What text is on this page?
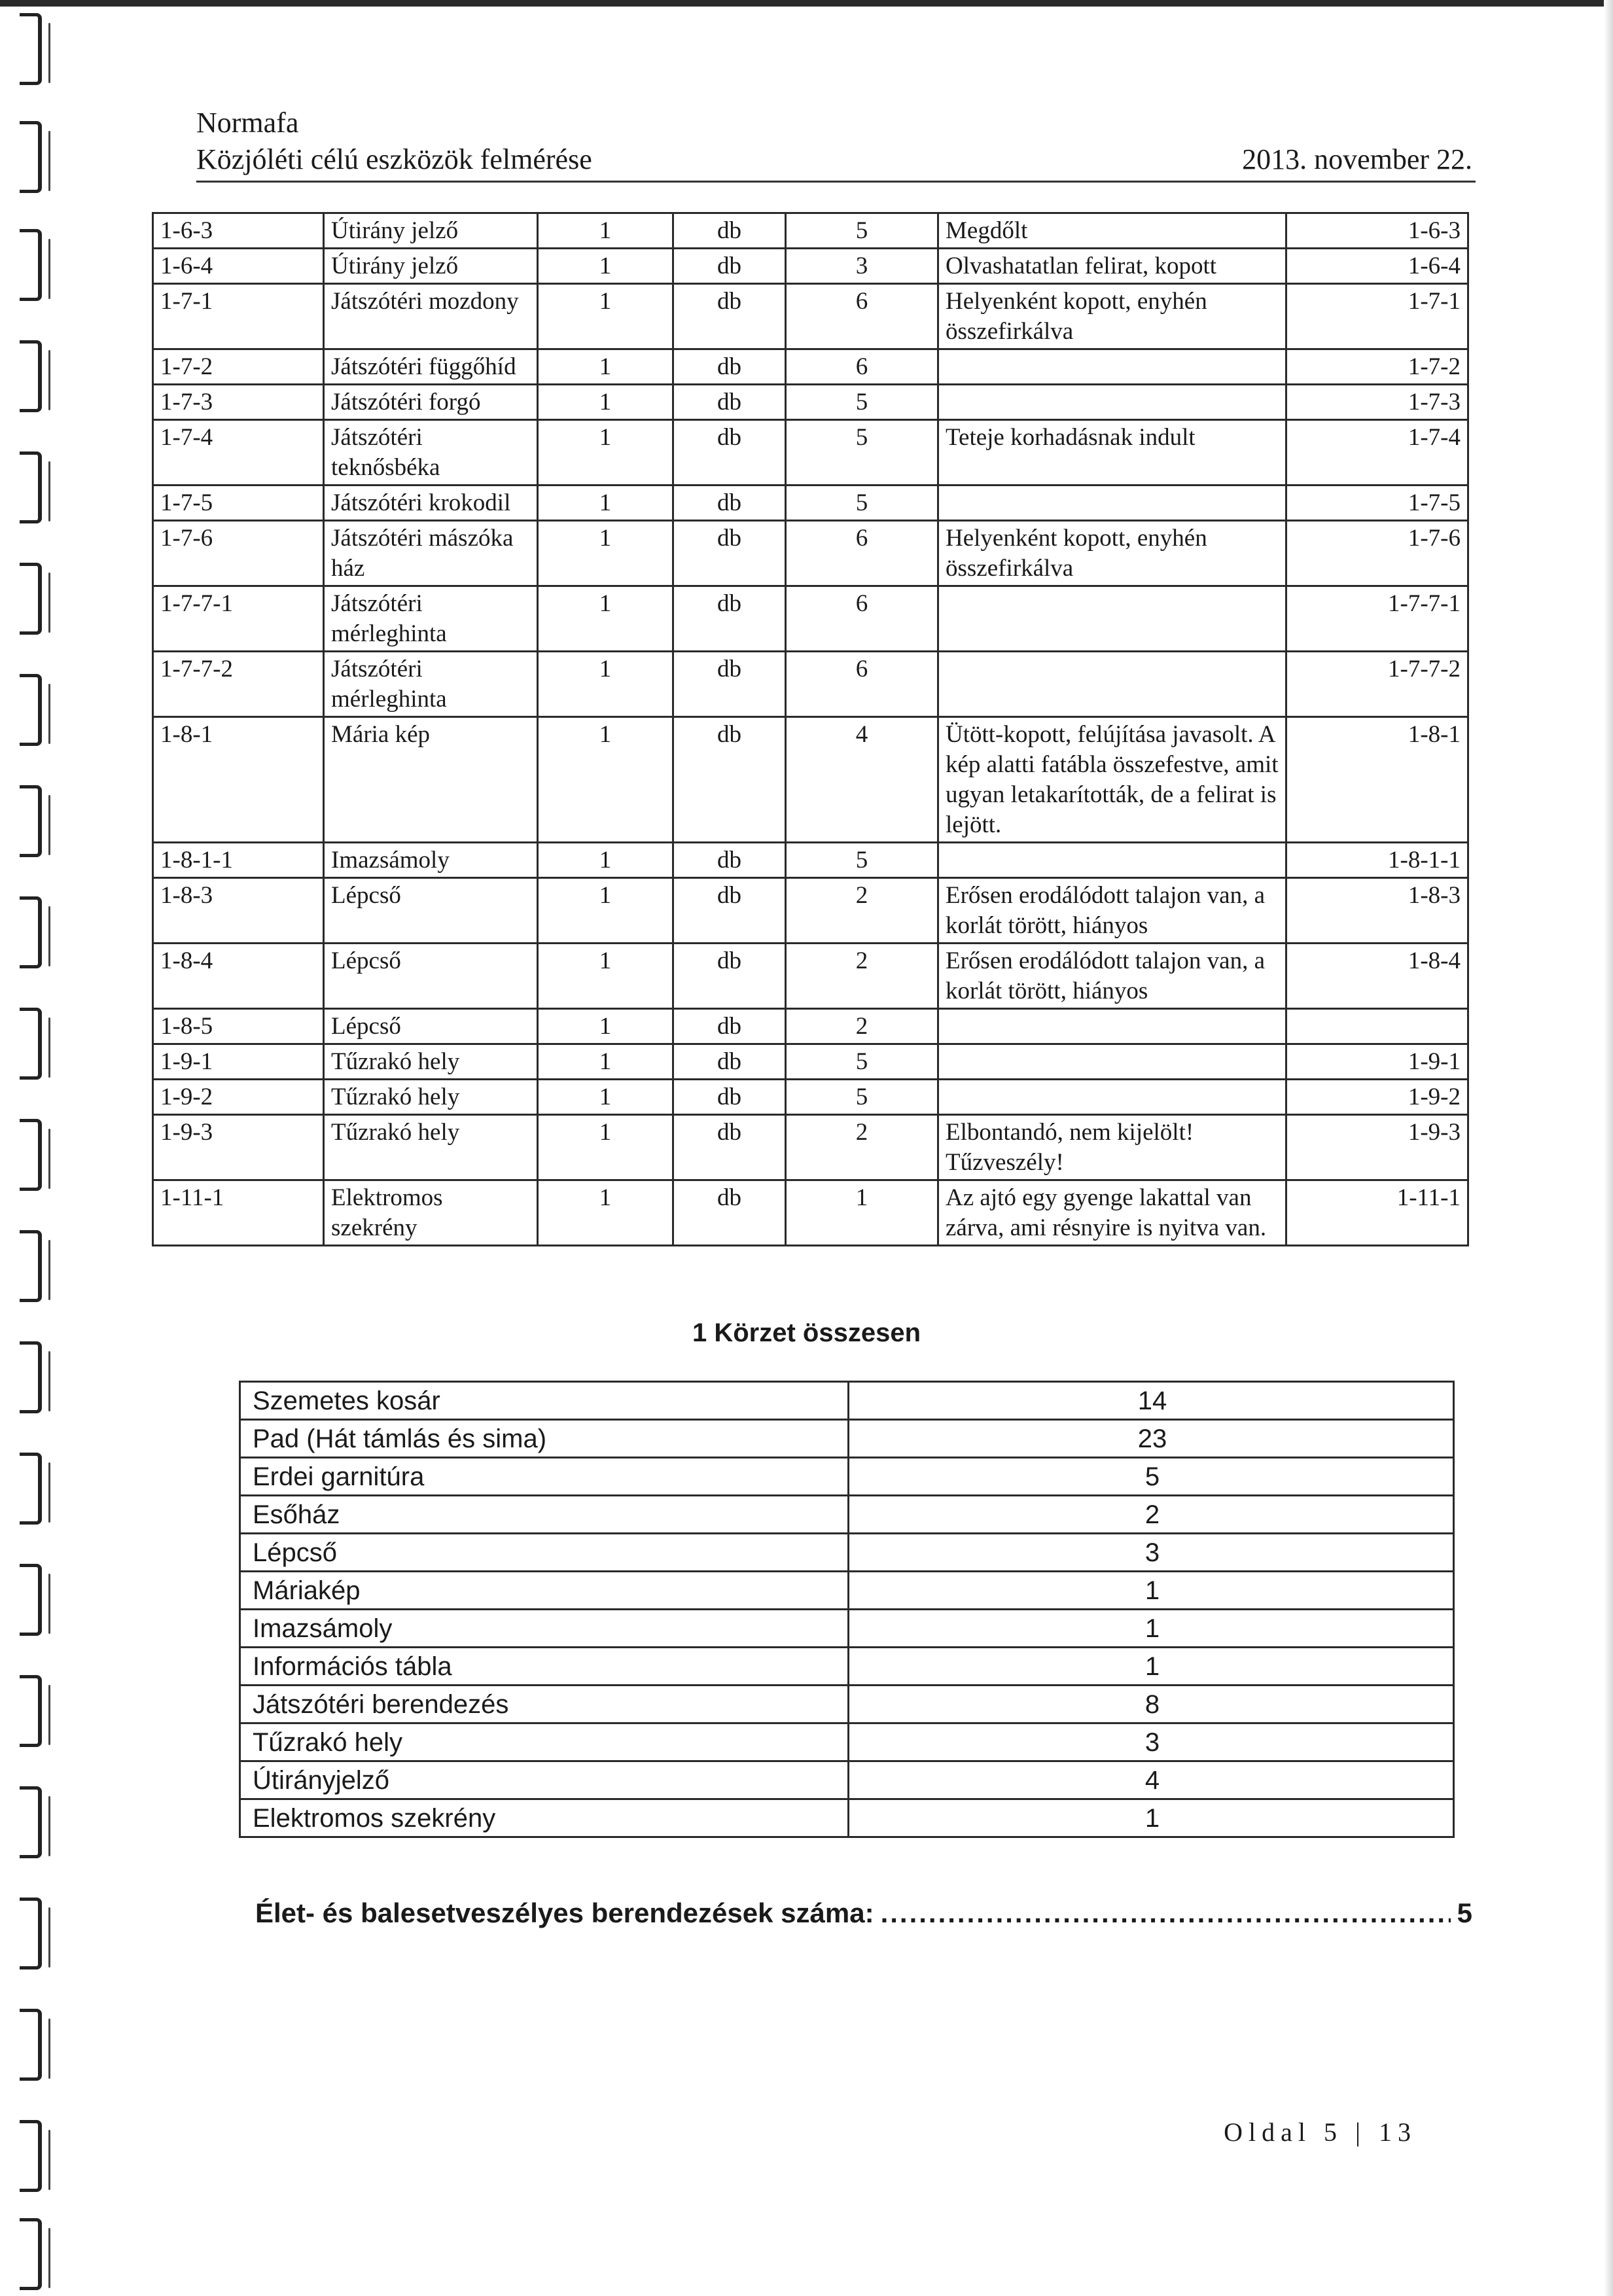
Normafa
Közjóléti célú eszközök felmérése	2013. november 22.
1-6-3	Útirány jelző	1	db	5	Megdőlt	1-6-3
1-6-4	Útirány jelző	1	db	3	Olvashatatlan felirat, kopott	1-6-4
1-7-1	Játszótéri mozdony	1	db	6	Helyenként kopott, enyhén összefirkálva	1-7-1
1-7-2	Játszótéri függőhíd	1	db	6		1-7-2
1-7-3	Játszótéri forgó	1	db	5		1-7-3
1-7-4	Játszótéri teknősbéka	1	db	5	Teteje korhadásnak indult	1-7-4
1-7-5	Játszótéri krokodil	1	db	5		1-7-5
1-7-6	Játszótéri mászóka ház	1	db	6	Helyenként kopott, enyhén összefirkálva	1-7-6
1-7-7-1	Játszótéri mérleghinta	1	db	6		1-7-7-1
1-7-7-2	Játszótéri mérleghinta	1	db	6		1-7-7-2
1-8-1	Mária kép	1	db	4	Ütött-kopott, felújítása javasolt. A kép alatti fatábla összefestve, amit ugyan letakarították, de a felirat is lejött.	1-8-1
1-8-1-1	Imazsámoly	1	db	5		1-8-1-1
1-8-3	Lépcső	1	db	2	Erősen erodálódott talajon van, a korlát törött, hiányos	1-8-3
1-8-4	Lépcső	1	db	2	Erősen erodálódott talajon van, a korlát törött, hiányos	1-8-4
1-8-5	Lépcső	1	db	2		
1-9-1	Tűzrakó hely	1	db	5		1-9-1
1-9-2	Tűzrakó hely	1	db	5		1-9-2
1-9-3	Tűzrakó hely	1	db	2	Elbontandó, nem kijelölt! Tűzveszély!	1-9-3
1-11-1	Elektromos szekrény	1	db	1	Az ajtó egy gyenge lakattal van zárva, ami résnyire is nyitva van.	1-11-1
1 Körzet összesen
Szemetes kosár	14
Pad (Hát támlás és sima)	23
Erdei garnitúra	5
Esőház	2
Lépcső	3
Máriakép	1
Imazsámoly	1
Információs tábla	1
Játszótéri berendezés	8
Tűzrakó hely	3
Útirányjelző	4
Elektromos szekrény	1
Élet- és balesetveszélyes berendezések száma: .....	5
Oldal 5 | 13
